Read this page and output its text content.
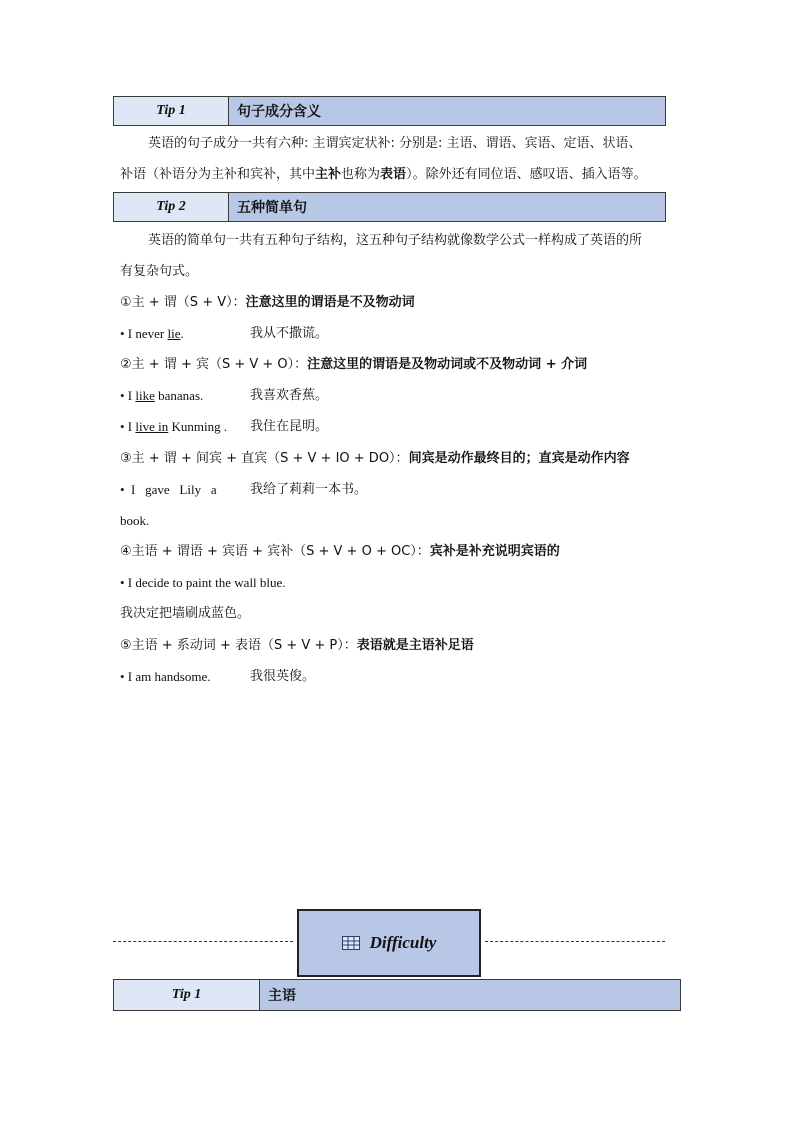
Tip 1	句子成分含义
英语的句子成分一共有六种: 主谓宾定状补: 分别是: 主语、谓语、宾语、定语、状语、
补语（补语分为主补和宾补，其中主补也称为表语）。除外还有同位语、感叹语、插入语等。
Tip 2	五种简单句
英语的简单句一共有五种句子结构，这五种句子结构就像数学公式一样构成了英语的所
有复杂句式。
①主 + 谓（S + V）：注意这里的谓语是不及物动词
• I never lie.	我从不撒谎。
②主 + 谓 + 宾（S + V + O）：注意这里的谓语是及物动词或不及物动词 + 介词
• I like bananas.	我喜欢香蕉。
• I live in Kunming . 我住在昆明。
③主 + 谓 + 间宾 + 直宾（S + V + IO + DO）：间宾是动作最终目的；直宾是动作内容
•  I   gave   Lily   a	我给了莉莉一本书。
book.
④主语 + 谓语 + 宾语 + 宾补（S + V + O + OC）：宾补是补充说明宾语的
• I decide to paint the wall blue.
我决定把墙刷成蓝色。
⑤主语 + 系动词 + 表语（S + V + P）：表语就是主语补足语
• I am handsome.	我很英俊。
Difficulty
Tip 1	主语
